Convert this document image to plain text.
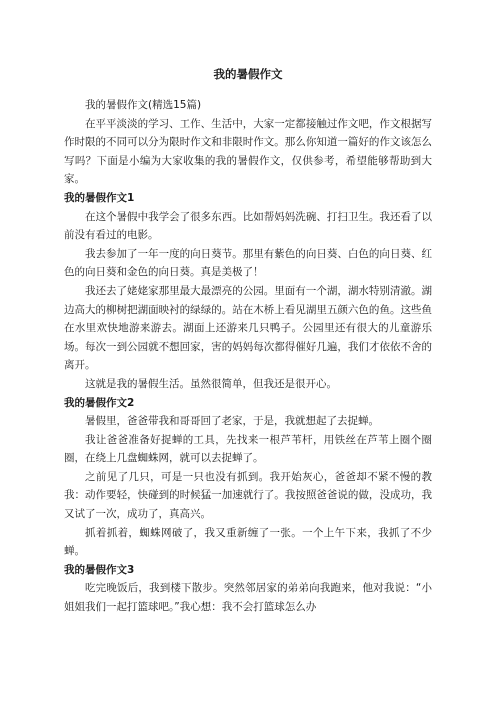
我的暑假作文

我的暑假作文(精选15篇)

在平平淡淡的学习、工作、生活中，大家一定都接触过作文吧，作文根据写作时限的不同可以分为限时作文和非限时作文。那么你知道一篇好的作文该怎么写吗？下面是小编为大家收集的我的暑假作文，仅供参考，希望能够帮助到大家。

我的暑假作文1

在这个暑假中我学会了很多东西。比如帮妈妈洗碗、打扫卫生。我还看了以前没有看过的电影。

我去参加了一年一度的向日葵节。那里有紫色的向日葵、白色的向日葵、红色的向日葵和金色的向日葵。真是美极了！

我还去了姥姥家那里最大最漂亮的公园。里面有一个湖，湖水特别清澈。湖边高大的柳树把湖面映衬的绿绿的。站在木桥上看见湖里五颜六色的鱼。这些鱼在水里欢快地游来游去。湖面上还游来几只鸭子。公园里还有很大的儿童游乐场。每次一到公园就不想回家，害的妈妈每次都得催好几遍，我们才依依不舍的离开。

这就是我的暑假生活。虽然很简单，但我还是很开心。

我的暑假作文2

暑假里，爸爸带我和哥哥回了老家，于是，我就想起了去捉蝉。

我让爸爸准备好捉蝉的工具，先找来一根芦苇杆，用铁丝在芦苇上圈个圈圈，在绕上几盘蜘蛛网，就可以去捉蝉了。

之前见了几只，可是一只也没有抓到。我开始灰心，爸爸却不紧不慢的教我：动作要轻，快碰到的时候猛一加速就行了。我按照爸爸说的做，没成功，我又试了一次，成功了，真高兴。

抓着抓着，蜘蛛网破了，我又重新缠了一张。一个上午下来，我抓了不少蝉。

我的暑假作文3

吃完晚饭后，我到楼下散步。突然邻居家的弟弟向我跑来，他对我说：“小姐姐我们一起打篮球吧。”我心想：我不会打篮球怎么办
